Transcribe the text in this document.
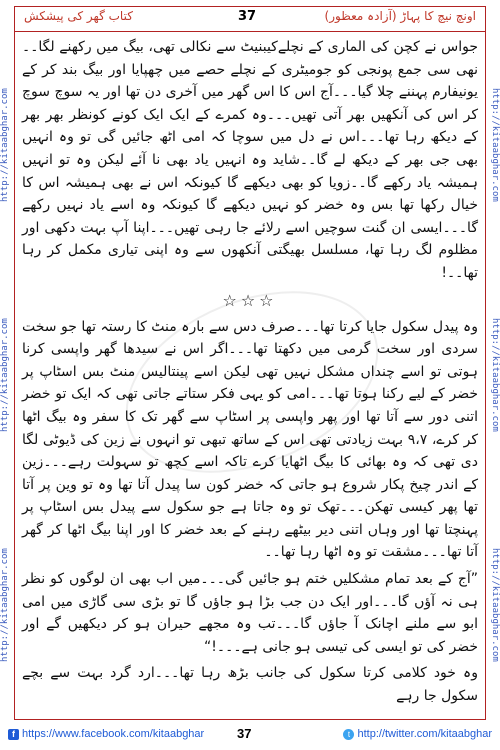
اونچ نیچ کا پہاڑ (آزادہ معظور)
37
کتاب گھر کی پیشکش
http://kitaabghar.com
http://kitaabghar.com
http://kitaabghar.com	http://kitaabghar.com
http://kitaabghar.com
http://kitaabghar.com

جواس نے کچن کی الماری کے نچلےکیبنیٹ سے نکالی تھی، بیگ میں رکھنے لگا۔۔نھی سی جمع پونجی کو جومیٹری کے نچلے حصے میں چھپایا اور بیگ بند کر کے یونیفارم پہننے چلا گیا۔۔۔آج اس کا اس گھر میں آخری دن تھا اور یہ سوچ سوچ کر اس کی آنکھیں بھر آتی تھیں۔۔۔وہ کمرے کے ایک ایک کونے کونظر بھر بھر کے دیکھ رہا تھا۔۔۔اس نے دل میں سوچا کہ امی اٹھ جائیں گی تو وہ انہیں بھی جی بھر کے دیکھ لے گا۔۔شاید وہ انہیں یاد بھی نا آئے لیکن وہ تو انہیں ہمیشہ یاد رکھے گا۔۔زویا کو بھی دیکھے گا کیونکہ اس نے بھی ہمیشہ اس کا خیال رکھا تھا بس وہ خضر کو نہیں دیکھے گا کیونکہ وہ اسے یاد نہیں رکھے گا۔۔۔ایسی ان گنت سوچیں اسے رلائے جا رہی تھیں۔۔۔اپنا آپ بہت دکھی اور مظلوم لگ رہا تھا، مسلسل بھیگتی آنکھوں سے وہ اپنی تیاری مکمل کر رہا تھا۔۔!

☆☆☆

وہ پیدل سکول جایا کرتا تھا۔۔۔صرف دس سے بارہ منٹ کا رستہ تھا جو سخت سردی اور سخت گرمی میں دکھتا تھا۔۔۔اگر اس نے سیدھا گھر واپسی کرنا ہوتی تو اسے چنداں مشکل نہیں تھی لیکن اسے پینتالیس منٹ بس اسٹاپ پر خضر کے لیے رکنا ہوتا تھا۔۔۔امی کو یہی فکر ستاتے جاتی تھی کہ ایک تو خضر اتنی دور سے آتا تھا اور پھر واپسی پر اسٹاپ سے گھر تک کا سفر وہ بیگ اٹھا کر کرے، ۹،۷ بہت زیادتی تھی اس کے ساتھ تبھی تو انہوں نے زین کی ڈیوٹی لگا دی تھی کہ وہ بھائی کا بیگ اٹھایا کرے تاکہ اسے کچھ تو سہولت رہے۔۔۔زین کے اندر چیخ پکار شروع ہو جاتی کہ خضر کون سا پیدل آتا تھا وہ تو وین پر آتا تھا پھر کیسی تھکن۔۔۔تھک تو وہ جاتا ہے جو سکول سے پیدل بس اسٹاپ پر پہنچتا تھا اور وہاں اتنی دیر بیٹھے رہنے کے بعد خضر کا اور اپنا بیگ اٹھا کر گھر آتا تھا۔۔۔مشقت تو وہ اٹھا رہا تھا۔۔

”آج کے بعد تمام مشکلیں ختم ہو جائیں گی۔۔۔میں اب بھی ان لوگوں کو نظر ہی نہ آؤں گا۔۔۔اور ایک دن جب بڑا ہو جاؤں گا تو بڑی سی گاڑی میں امی ابو سے ملنے اچانک آ جاؤں گا۔۔۔تب وہ مجھے حیران ہو کر دیکھیں گے اور خضر کی تو ایسی کی تیسی ہو جانی ہے۔۔۔!“

وہ خود کلامی کرتا سکول کی جانب بڑھ رہا تھا۔۔۔ارد گرد بہت سے بچے سکول جا رہے

f https://www.facebook.com/kitaabghar	37	t http://twitter.com/kitaabghar
